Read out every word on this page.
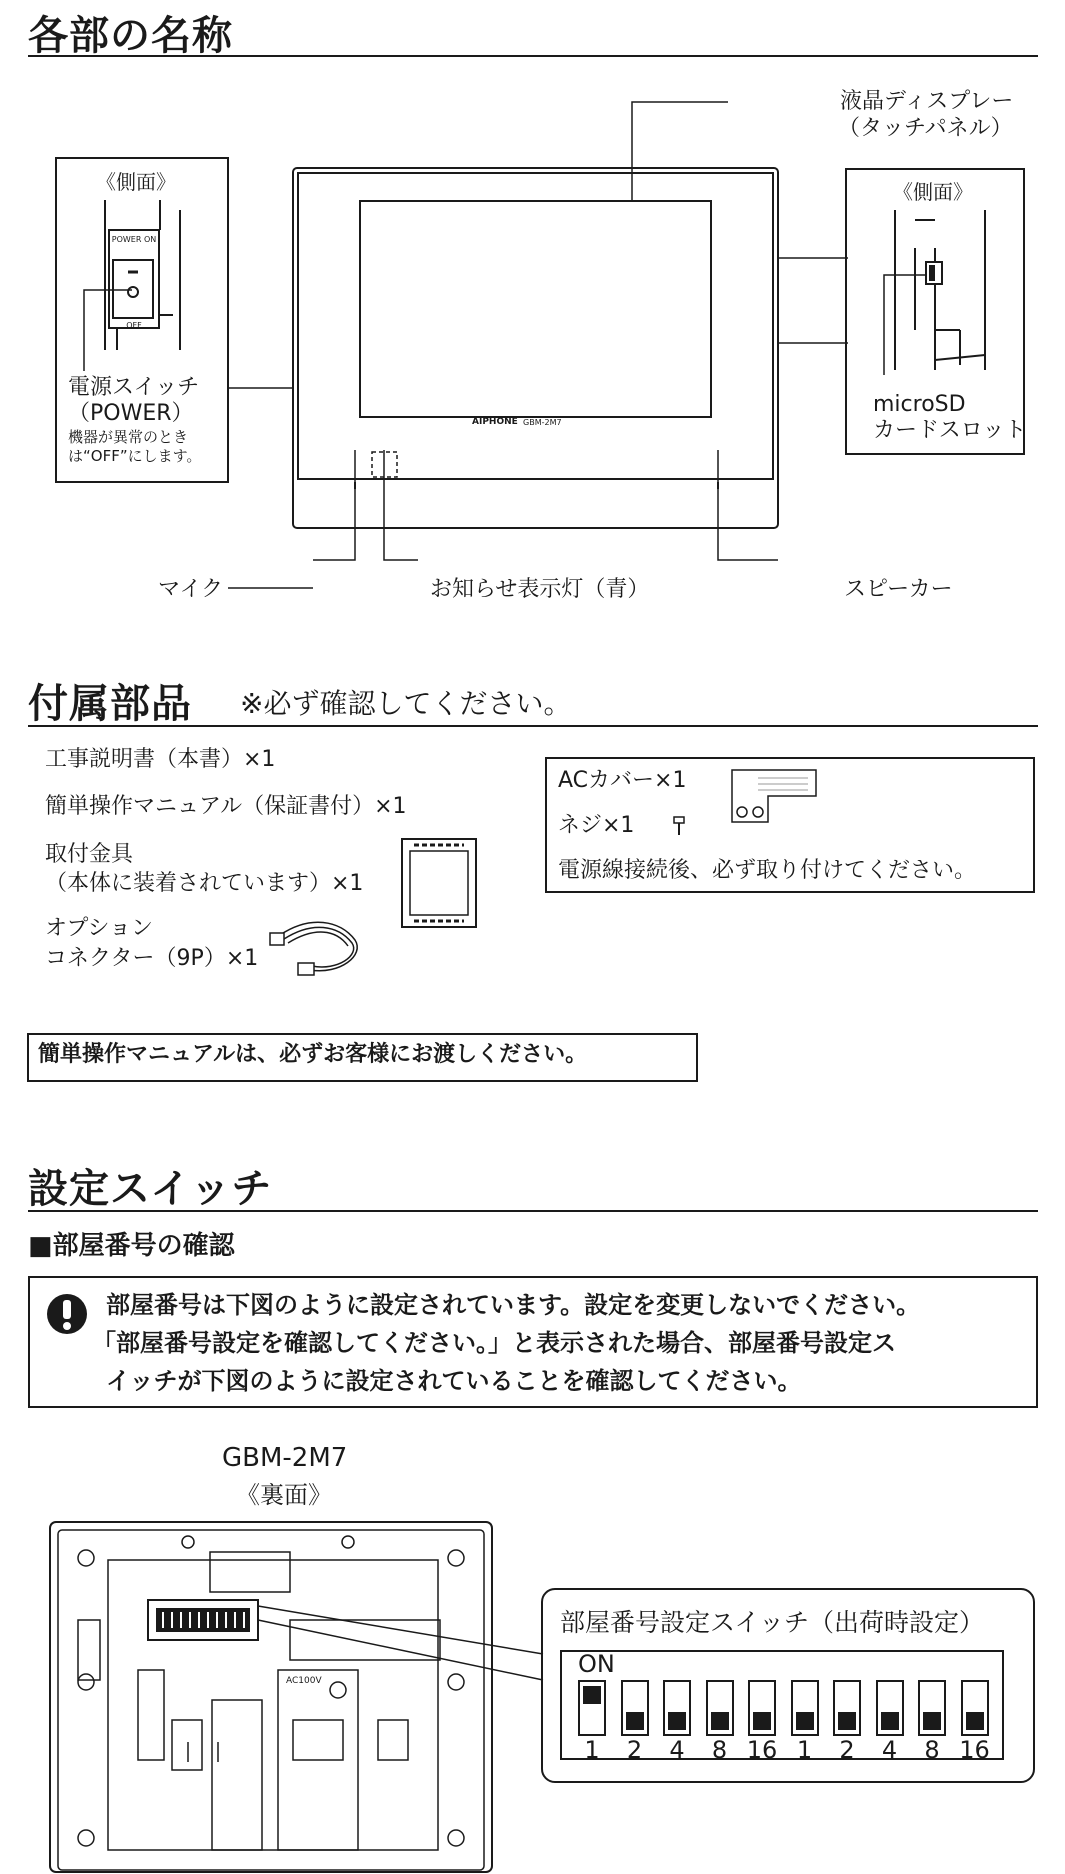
各部の名称
《側面》
POWER ON
OFF
電源スイッチ
（POWER）
機器が異常のとき
は“OFF”にします。
AIPHONE GBM-2M7
液晶ディスプレー
（タッチパネル）
《側面》
microSD
カードスロット
マイク	お知らせ表示灯（青）	スピーカー
付属部品 ※必ず確認してください。
工事説明書（本書）×1
簡単操作マニュアル（保証書付）×1
取付金具
（本体に装着されています）×1
オプション
コネクター（9P）×1
ACカバー×1
ネジ×1
電源線接続後、必ず取り付けてください。
簡単操作マニュアルは、必ずお客様にお渡しください。
設定スイッチ
■部屋番号の確認
部屋番号は下図のように設定されています。設定を変更しないでください。
「部屋番号設定を確認してください。」と表示された場合、部屋番号設定ス
イッチが下図のように設定されていることを確認してください。
GBM-2M7
《裏面》
AC100V
部屋番号設定スイッチ（出荷時設定）
ON
1	2	4	8 16 1	2	4	8 16
